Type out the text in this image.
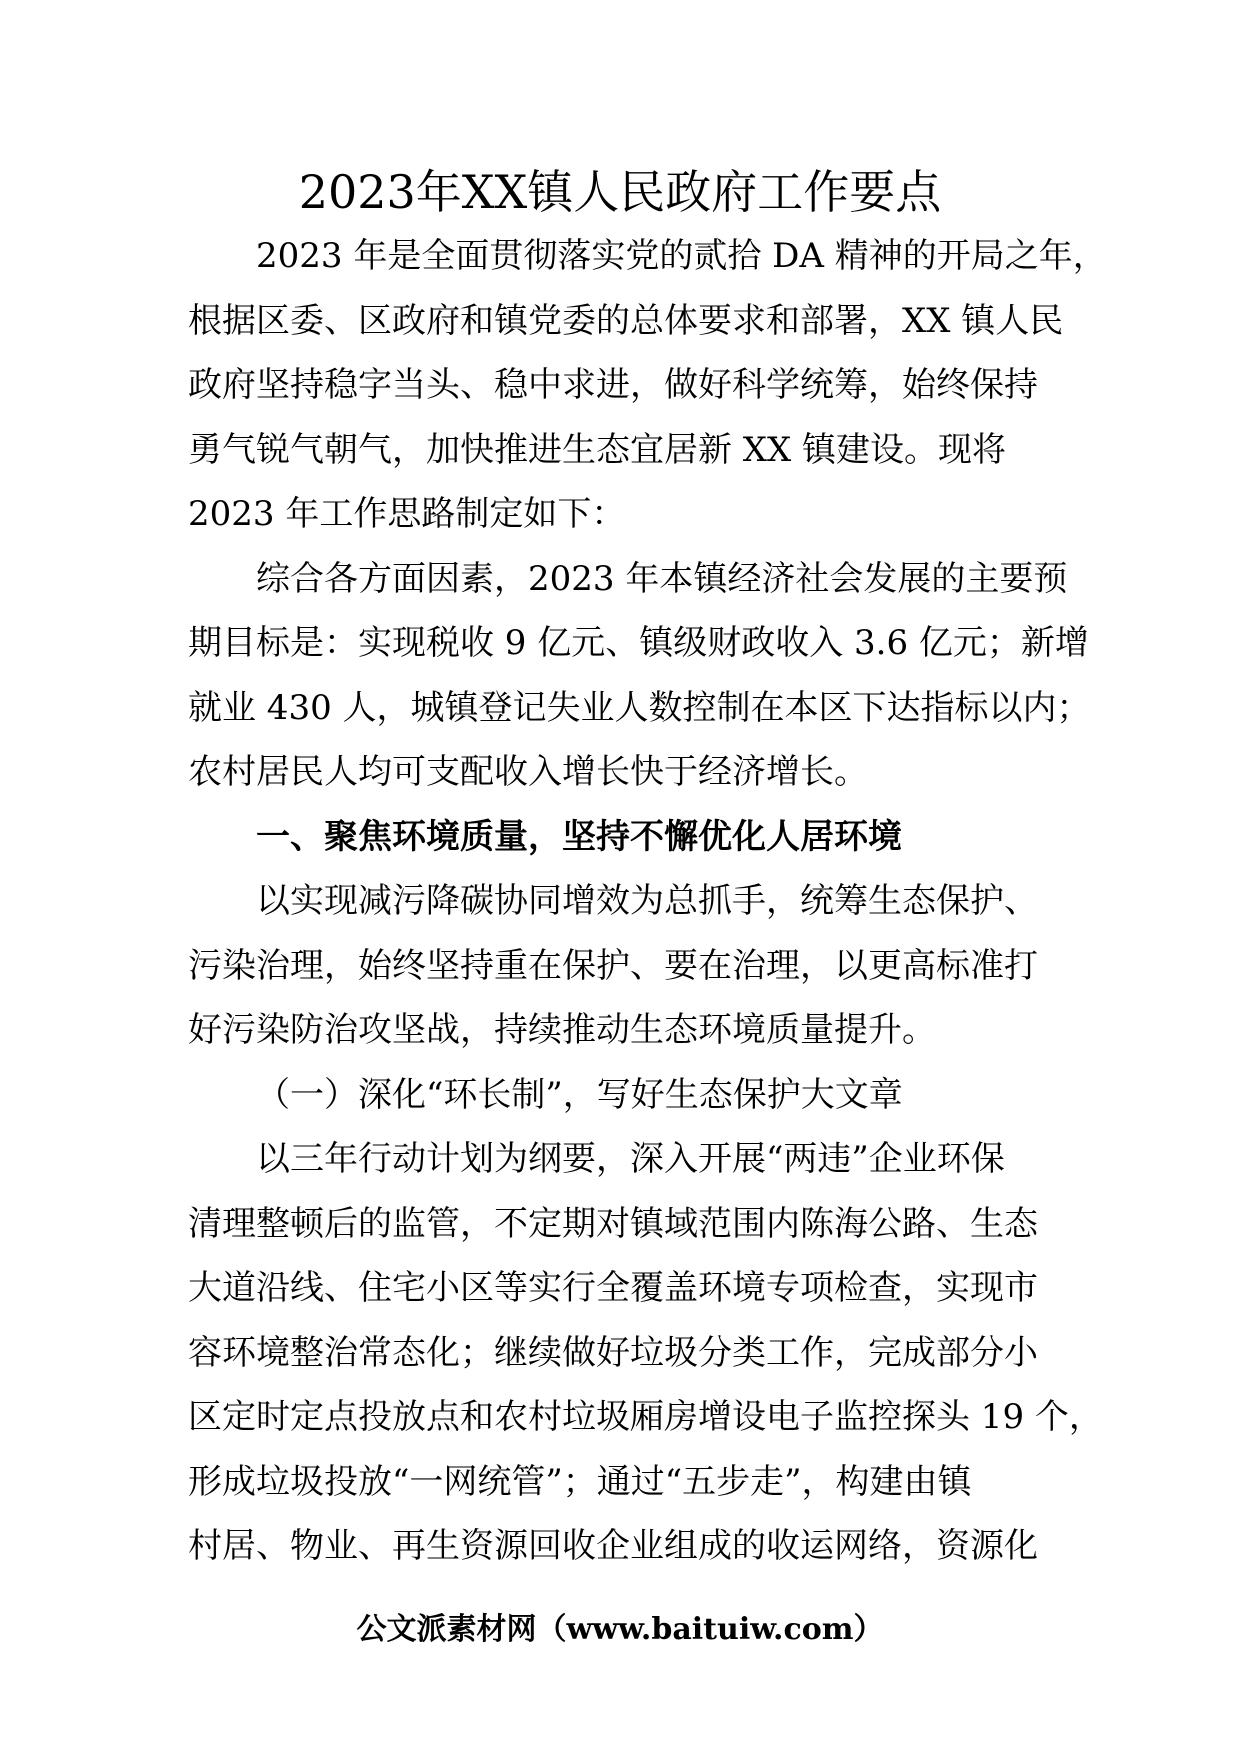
2023年XX镇人民政府工作要点
2023 年是全面贯彻落实党的贰拾 DA 精神的开局之年，
根据区委、区政府和镇党委的总体要求和部署，XX 镇人民
政府坚持稳字当头、稳中求进，做好科学统筹，始终保持
勇气锐气朝气，加快推进生态宜居新 XX 镇建设。现将
2023 年工作思路制定如下：
综合各方面因素，2023 年本镇经济社会发展的主要预
期目标是：实现税收 9 亿元、镇级财政收入 3.6 亿元；新增
就业 430 人，城镇登记失业人数控制在本区下达指标以内；
农村居民人均可支配收入增长快于经济增长。
一、聚焦环境质量，坚持不懈优化人居环境
以实现减污降碳协同增效为总抓手，统筹生态保护、
污染治理，始终坚持重在保护、要在治理，以更高标准打
好污染防治攻坚战，持续推动生态环境质量提升。
（一）深化“环长制”，写好生态保护大文章
以三年行动计划为纲要，深入开展“两违”企业环保
清理整顿后的监管，不定期对镇域范围内陈海公路、生态
大道沿线、住宅小区等实行全覆盖环境专项检查，实现市
容环境整治常态化；继续做好垃圾分类工作，完成部分小
区定时定点投放点和农村垃圾厢房增设电子监控探头 19 个，
形成垃圾投放“一网统管”；通过“五步走”，构建由镇
村居、物业、再生资源回收企业组成的收运网络，资源化
公文派素材网（www.baituiw.com）
